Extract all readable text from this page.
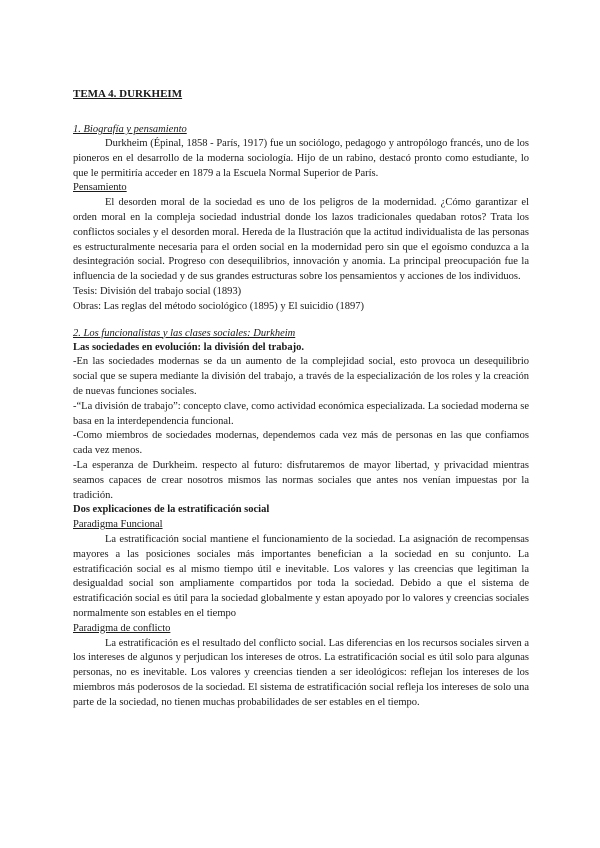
TEMA 4. DURKHEIM

1. Biografía y pensamiento

Durkheim (Épinal, 1858 - París, 1917) fue un sociólogo, pedagogo y antropólogo francés, uno de los pioneros en el desarrollo de la moderna sociología. Hijo de un rabino, destacó pronto como estudiante, lo que le permitiría acceder en 1879 a la Escuela Normal Superior de París.

Pensamiento

El desorden moral de la sociedad es uno de los peligros de la modernidad. ¿Cómo garantizar el orden moral en la compleja sociedad industrial donde los lazos tradicionales quedaban rotos? Trata los conflictos sociales y el desorden moral. Hereda de la Ilustración que la actitud individualista de las personas es estructuralmente necesaria para el orden social en la modernidad pero sin que el egoísmo conduzca a la desintegración social. Progreso con desequilibrios, innovación y anomia. La principal preocupación fue la influencia de la sociedad y de sus grandes estructuras sobre los pensamientos y acciones de los individuos.

Tesis: División del trabajo social (1893)

Obras: Las reglas del método sociológico (1895) y El suicidio (1897)

2. Los funcionalistas y las clases sociales: Durkheim

Las sociedades en evolución: la división del trabajo.

-En las sociedades modernas se da un aumento de la complejidad social, esto provoca un desequilibrio social que se supera mediante la división del trabajo, a través de la especialización de los roles y la creación de nuevas funciones sociales.

-“La división de trabajo”: concepto clave, como actividad económica especializada. La sociedad moderna se basa en la interdependencia funcional.

-Como miembros de sociedades modernas, dependemos cada vez más de personas en las que confiamos cada vez menos.

-La esperanza de Durkheim. respecto al futuro: disfrutaremos de mayor libertad, y privacidad mientras seamos capaces de crear nosotros mismos las normas sociales que antes nos venían impuestas por la tradición.

Dos explicaciones de la estratificación social

Paradigma Funcional

La estratificación social mantiene el funcionamiento de la sociedad. La asignación de recompensas mayores a las posiciones sociales más importantes benefician a la sociedad en su conjunto. La estratificación social es al mismo tiempo útil e inevitable. Los valores y las creencias que legitiman la desigualdad social son ampliamente compartidos por toda la sociedad. Debido a que el sistema de estratificación social es útil para la sociedad globalmente y estan apoyado por lo valores y creencias sociales normalmente son estables en el tiempo

Paradigma de conflicto

La estratificación es el resultado del conflicto social. Las diferencias en los recursos sociales sirven a los intereses de algunos y perjudican los intereses de otros. La estratificación social es útil solo para algunas personas, no es inevitable. Los valores y creencias tienden a ser ideológicos: reflejan los intereses de los miembros más poderosos de la sociedad. El sistema de estratificación social refleja los intereses de solo una parte de la sociedad, no tienen muchas probabilidades de ser estables en el tiempo.
